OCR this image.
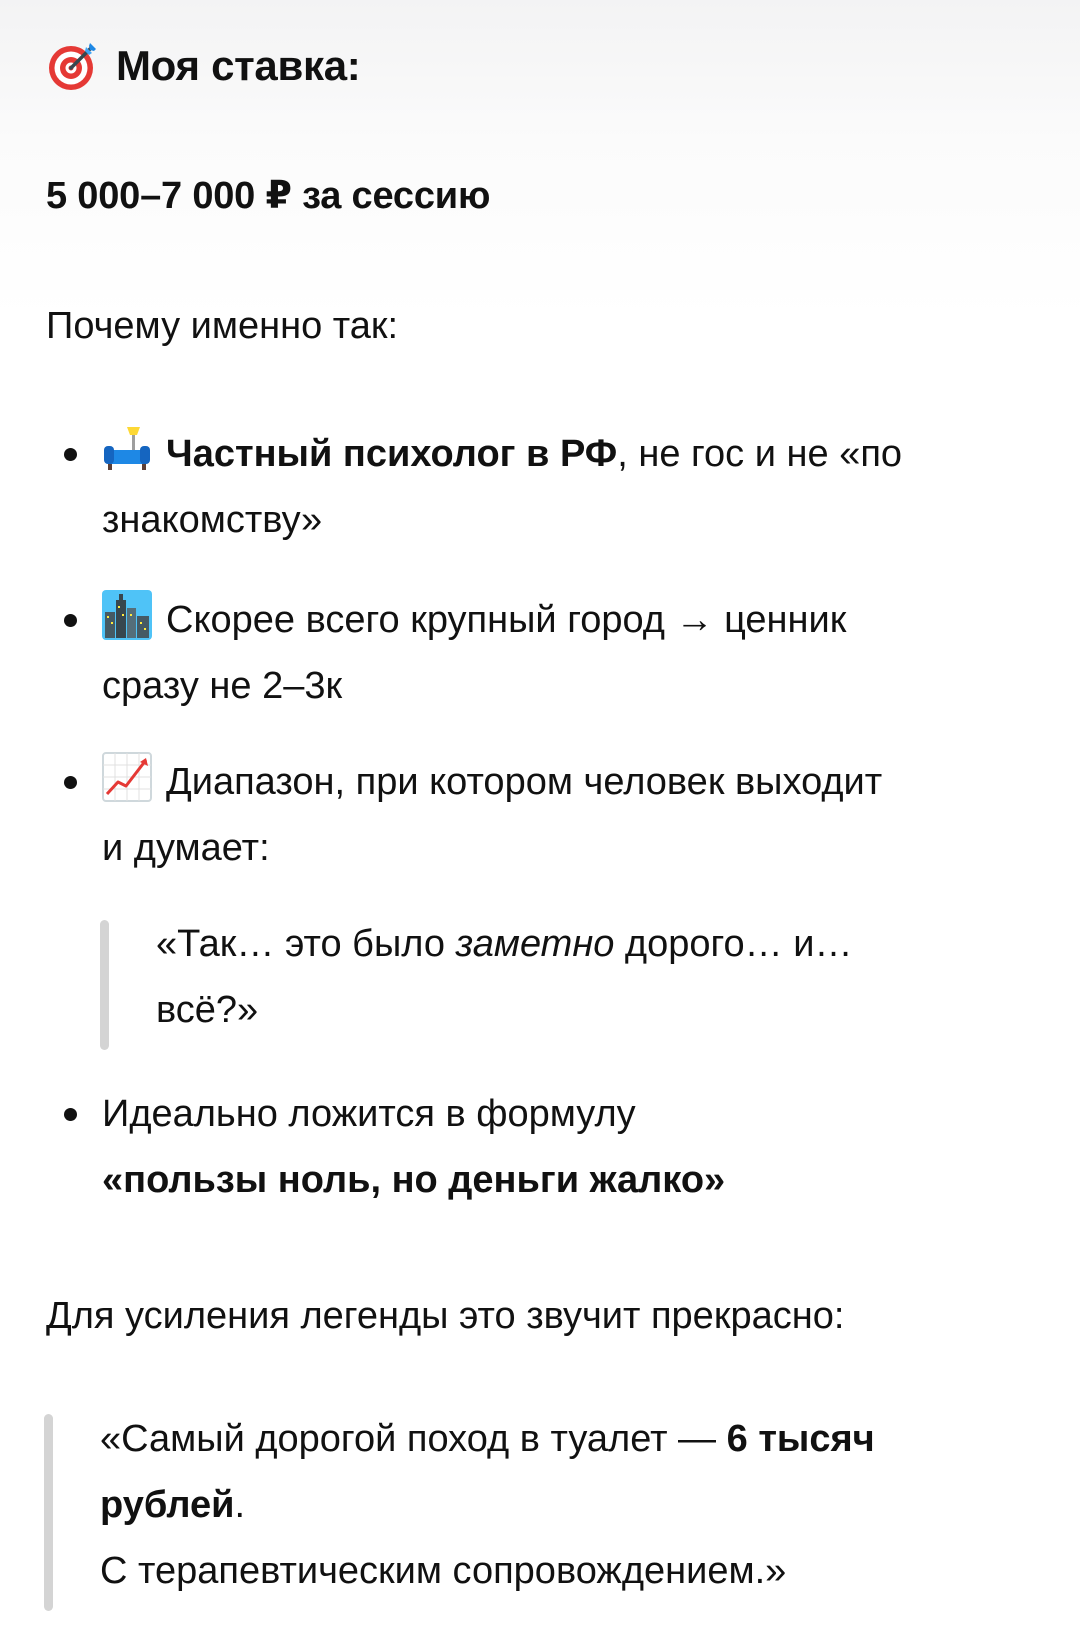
Моя ставка:
5 000–7 000 ₽ за сессию
Почему именно так:
Частный психолог в РФ, не гос и не «по
знакомству»
Скорее всего крупный город → ценник
сразу не 2–3к
Диапазон, при котором человек выходит
и думает:
«Так… это было заметно дорого… и…
всё?»
Идеально ложится в формулу
«пользы ноль, но деньги жалко»
Для усиления легенды это звучит прекрасно:
«Самый дорогой поход в туалет — 6 тысяч
рублей.
С терапевтическим сопровождением.»
